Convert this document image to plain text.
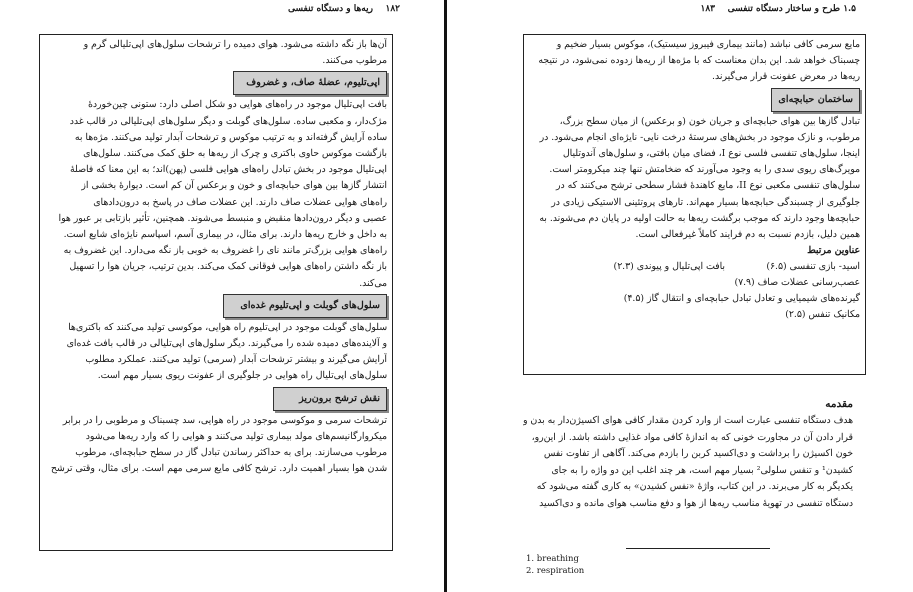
۱۸۲    ریه‌ها و دستگاه تنفسی

آن‌ها باز نگه داشته می‌شود. هوای دمیده را ترشحات سلول‌های اپی‌تلیالی گرم و

مرطوب می‌کنند.

اپی‌تلیوم، عضلهٔ صاف، و غضروف

بافت اپی‌تلیال موجود در راه‌های هوایی دو شکل اصلی دارد: ستونی چین‌خوردهٔ

مژک‌دار، و مکعبی ساده. سلول‌های گوبلت و دیگر سلول‌های اپی‌تلیالی در قالب غدد

ساده آرایش گرفته‌اند و به ترتیب موکوس و ترشحات آبدار تولید می‌کنند. مژه‌ها به

بازگشت موکوس حاوی باکتری و چرک از ریه‌ها به حلق کمک می‌کنند. سلول‌های

اپی‌تلیال موجود در بخش تبادل راه‌های هوایی فلسی (پهن)اند؛ به این معنا که فاصلهٔ

انتشار گازها بین هوای حبابچه‌ای و خون و برعکس آن کم است. دیوارهٔ بخشی از

راه‌های هوایی عضلات صاف دارند. این عضلات صاف در پاسخ به درون‌دادهای

عصبی و دیگر درون‌دادها منقبض و منبسط می‌شوند. همچنین، تأثیر بازتابی بر عبور هوا

به داخل و خارج ریه‌ها دارند. برای مثال، در بیماری آسم، اسپاسم نایژه‌ای شایع است.

راه‌های هوایی بزرگ‌تر مانند نای را غضروف به خوبی باز نگه می‌دارد. این غضروف به

باز نگه داشتن راه‌های هوایی فوقانی کمک می‌کند. بدین ترتیب، جریان هوا را تسهیل

می‌کند.

سلول‌های گوبلت و اپی‌تلیوم غده‌ای

سلول‌های گوبلت موجود در اپی‌تلیوم راه هوایی، موکوسی تولید می‌کنند که باکتری‌ها

و آلاینده‌های دمیده شده را می‌گیرند. دیگر سلول‌های اپی‌تلیالی در قالب بافت غده‌ای

آرایش می‌گیرند و بیشتر ترشحات آبدار (سرمی) تولید می‌کنند. عملکرد مطلوب

سلول‌های اپی‌تلیال راه هوایی در جلوگیری از عفونت ریوی بسیار مهم است.

نقش ترشح برون‌ریز

ترشحات سرمی و موکوسی موجود در راه هوایی، سد چسبناک و مرطوبی را در برابر

میکروارگانیسم‌های مولد بیماری تولید می‌کنند و هوایی را که وارد ریه‌ها می‌شود

مرطوب می‌سازند. برای به حداکثر رساندن تبادل گاز در سطح حبابچه‌ای، مرطوب

شدن هوا بسیار اهمیت دارد. ترشح کافی مایع سرمی مهم است. برای مثال، وقتی ترشح

۱.۵ طرح و ساختار دستگاه تنفسی    ۱۸۳

مایع سرمی کافی نباشد (مانند بیماری فیبروز سیستیک)، موکوس بسیار ضخیم و

چسبناک خواهد شد. این بدان معناست که با مژه‌ها از ریه‌ها زدوده نمی‌شود، در نتیجه

ریه‌ها در معرض عفونت قرار می‌گیرند.

ساختمان حبابچه‌ای

تبادل گازها بین هوای حبابچه‌ای و جریان خون (و برعکس) از میان سطح بزرگ،

مرطوب، و نازک موجود در بخش‌های سرستهٔ درخت نایی- نایژه‌ای انجام می‌شود. در

اینجا، سلول‌های تنفسی فلسی نوع I، فضای میان بافتی، و سلول‌های آندوتلیال

مویرگ‌های ریوی سدی را به وجود می‌آورند که ضخامتش تنها چند میکرومتر است.

سلول‌های تنفسی مکعبی نوع II، مایع کاهندهٔ فشار سطحی ترشح می‌کنند که در

جلوگیری از چسبندگی حبابچه‌ها بسیار مهم‌اند. تارهای پروتئینی الاستیکی زیادی در

حبابچه‌ها وجود دارند که موجب برگشت ریه‌ها به حالت اولیه در پایان دم می‌شوند. به

همین دلیل، بازدم نسبت به دم فرایند کاملاً غیرفعالی است.

عناوین مرتبط

اسید- بازی تنفسی (۶.۵)
بافت اپی‌تلیال و پیوندی (۲.۳)
عصب‌رسانی عضلات صاف (۷.۹)
گیرنده‌های شیمیایی و تعادل تبادل حبابچه‌ای و انتقال گاز (۴.۵)
مکانیک تنفس (۲.۵)
مقدمه

هدف دستگاه تنفسی عبارت است از وارد کردن مقدار کافی هوای اکسیژن‌دار به بدن و

قرار دادن آن در مجاورت خونی که به اندازهٔ کافی مواد غذایی داشته باشد. از این‌رو،

خون اکسیژن را برداشت و دی‌اکسید کربن را بازدم می‌کند. آگاهی از تفاوت نفس

کشیدن¹ و تنفس سلولی² بسیار مهم است، هر چند اغلب این دو واژه را به جای

یکدیگر به کار می‌برند. در این کتاب، واژهٔ «نفس کشیدن» به کاری گفته می‌شود که

دستگاه تنفسی در تهویهٔ مناسب ریه‌ها از هوا و دفع مناسب هوای مانده و دی‌اکسید

1. breathing
2. respiration
